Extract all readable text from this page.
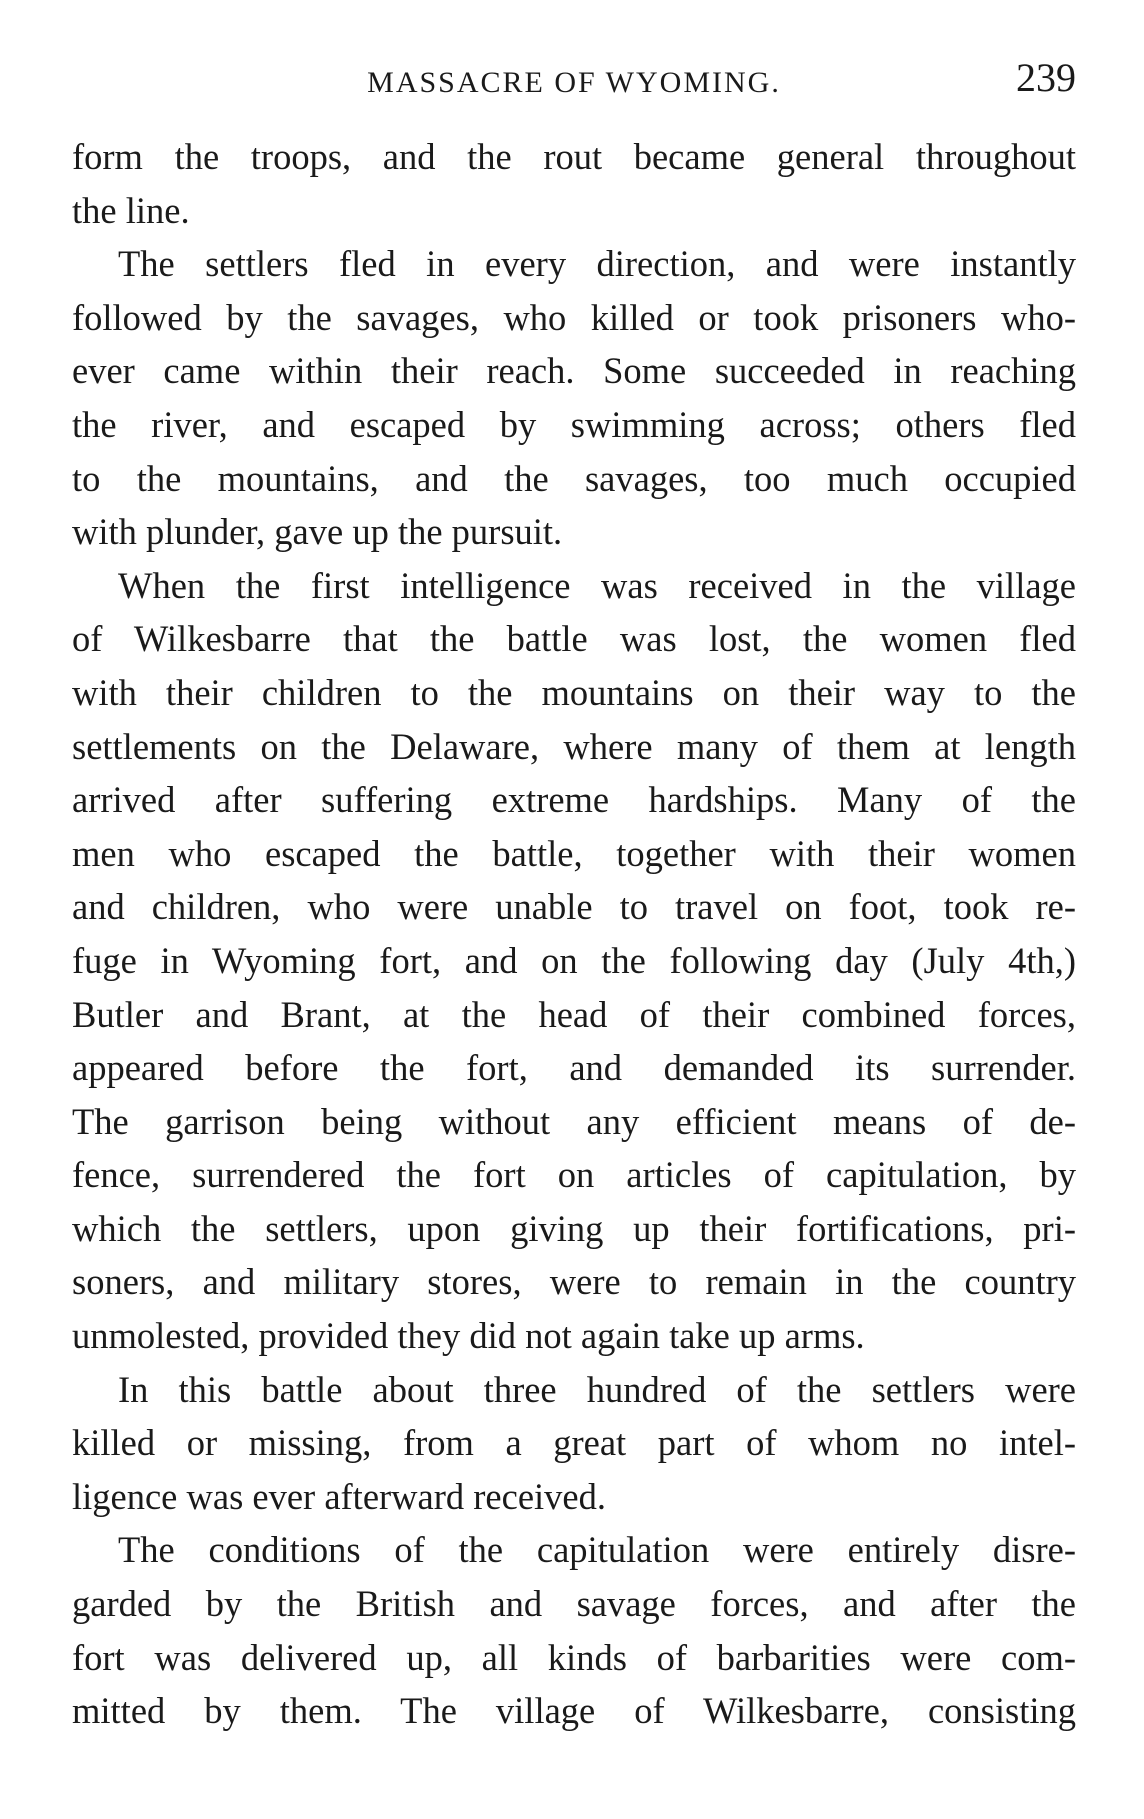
MASSACRE OF WYOMING.	239
form the troops, and the rout became general throughout
the line.
The settlers fled in every direction, and were instantly
followed by the savages, who killed or took prisoners who-
ever came within their reach. Some succeeded in reaching
the river, and escaped by swimming across; others fled
to the mountains, and the savages, too much occupied
with plunder, gave up the pursuit.
When the first intelligence was received in the village
of Wilkesbarre that the battle was lost, the women fled
with their children to the mountains on their way to the
settlements on the Delaware, where many of them at length
arrived after suffering extreme hardships. Many of the
men who escaped the battle, together with their women
and children, who were unable to travel on foot, took re-
fuge in Wyoming fort, and on the following day (July 4th,)
Butler and Brant, at the head of their combined forces,
appeared before the fort, and demanded its surrender.
The garrison being without any efficient means of de-
fence, surrendered the fort on articles of capitulation, by
which the settlers, upon giving up their fortifications, pri-
soners, and military stores, were to remain in the country
unmolested, provided they did not again take up arms.
In this battle about three hundred of the settlers were
killed or missing, from a great part of whom no intel-
ligence was ever afterward received.
The conditions of the capitulation were entirely disre-
garded by the British and savage forces, and after the
fort was delivered up, all kinds of barbarities were com-
mitted by them. The village of Wilkesbarre, consisting
